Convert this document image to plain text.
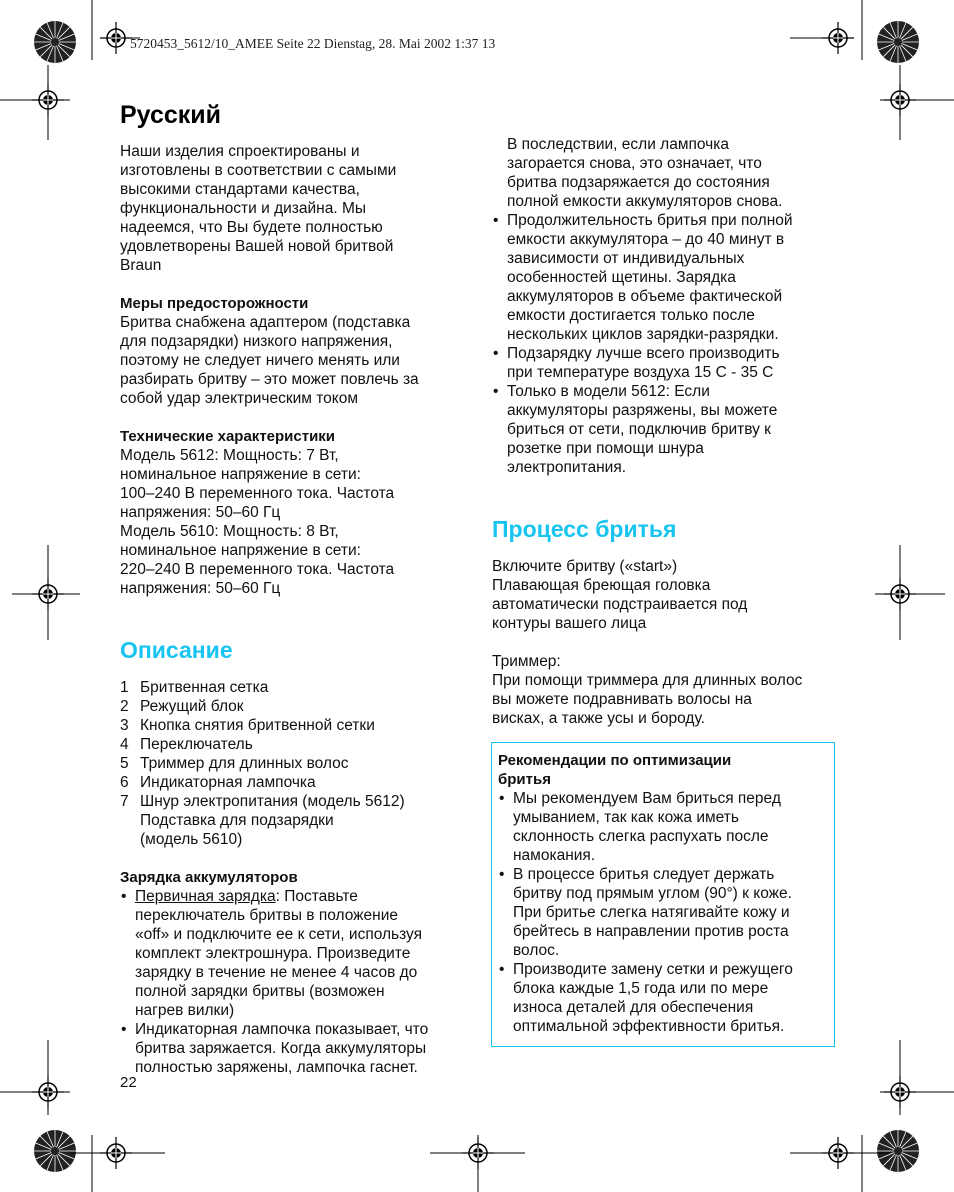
5720453_5612/10_AMEE Seite 22 Dienstag, 28. Mai 2002 1:37 13
Русский

Наши изделия спроектированы и
изготовлены в соответствии с самыми
высокими стандартами качества,
функциональности и дизайна. Мы
надеемся, что Вы будете полностью
удовлетворены Вашей новой бритвой
Braun

Меры предосторожности

Бритва снабжена адаптером (подставка
для подзарядки) низкого напряжения,
поэтому не следует ничего менять или
разбирать бритву – это может повлечь за
собой удар электрическим током

Технические характеристики

Модель 5612: Мощность: 7 Вт,
номинальное напряжение в сети:
100–240 В переменного тока. Частота
напряжения: 50–60 Гц
Модель 5610: Мощность: 8 Вт,
номинальное напряжение в сети:
220–240 В переменного тока. Частота
напряжения: 50–60 Гц

Описание
1 Бритвенная сетка
2 Режущий блок
3 Кнопка снятия бритвенной сетки
4 Переключатель
5 Триммер для длинных волос
6 Индикаторная лампочка
7 Шнур электропитания (модель 5612)
Подставка для подзарядки
(модель 5610)
Зарядка аккумуляторов
• Первичная зарядка: Поставьте
переключатель бритвы в положение
«off» и подключите ее к сети, используя
комплект электрошнура. Произведите
зарядку в течение не менее 4 часов до
полной зарядки бритвы (возможен
нагрев вилки)
• Индикаторная лампочка показывает, что
бритва заряжается. Когда аккумуляторы
полностью заряжены, лампочка гаснет.

В последствии, если лампочка
загорается снова, это означает, что
бритва подзаряжается до состояния
полной емкости аккумуляторов снова.

• Продолжительность бритья при полной
емкости аккумулятора – до 40 минут в
зависимости от индивидуальных
особенностей щетины. Зарядка
аккумуляторов в объеме фактической
емкости достигается только после
нескольких циклов зарядки-разрядки.
• Подзарядку лучше всего производить
при температуре воздуха 15 С - 35 С
• Только в модели 5612: Если
аккумуляторы разряжены, вы можете
бриться от сети, подключив бритву к
розетке при помощи шнура
электропитания.
Процесс бритья

Включите бритву («start»)
Плавающая бреющая головка
автоматически подстраивается под
контуры вашего лица

Триммер:
При помощи триммера для длинных волос
вы можете подравнивать волосы на
висках, а также усы и бороду.

Рекомендации по оптимизации
бритья
• Мы рекомендуем Вам бриться перед
умыванием, так как кожа иметь
склонность слегка распухать после
намокания.
• В процессе бритья следует держать
бритву под прямым углом (90°) к коже.
При бритье слегка натягивайте кожу и
брейтесь в направлении против роста
волос.
• Производите замену сетки и режущего
блока каждые 1,5 года или по мере
износа деталей для обеспечения
оптимальной эффективности бритья.
22
